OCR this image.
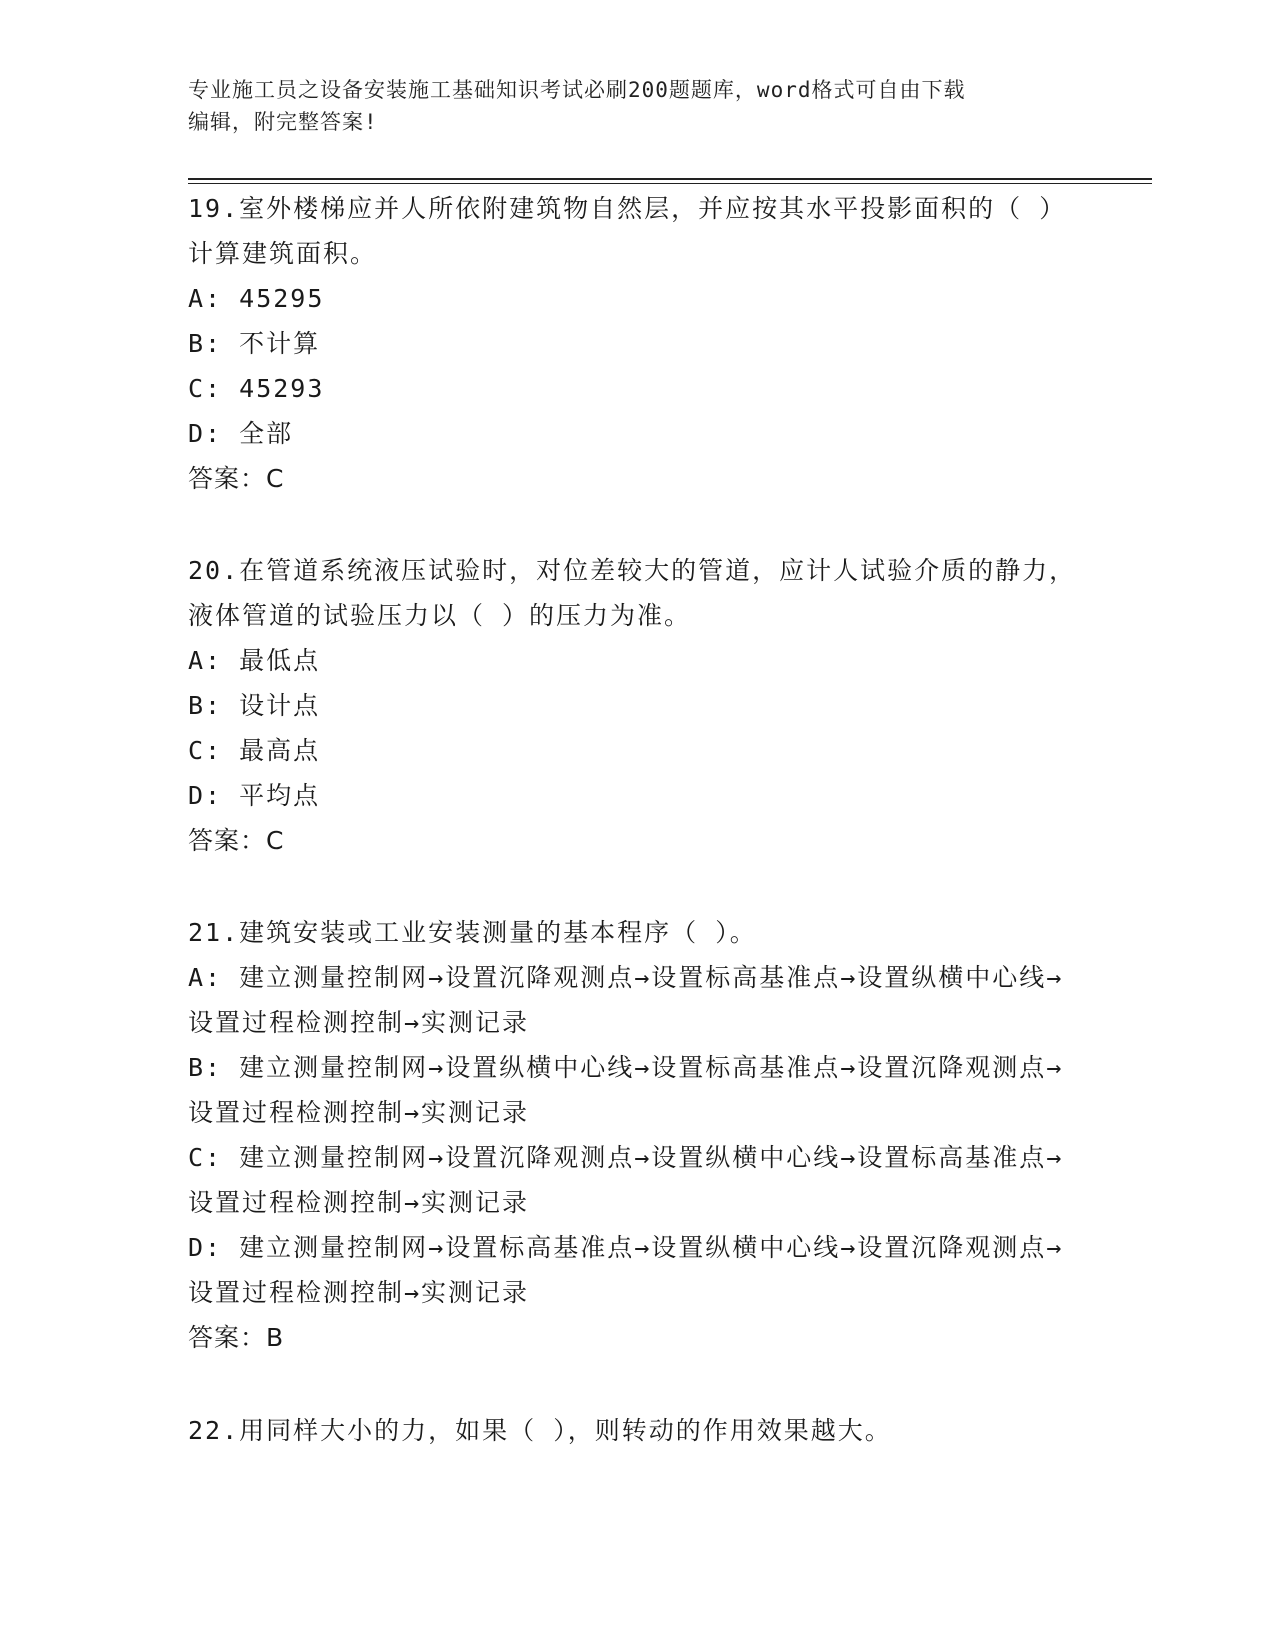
专业施工员之设备安装施工基础知识考试必刷200题题库，word格式可自由下载
编辑，附完整答案!

19.室外楼梯应并人所依附建筑物自然层，并应按其水平投影面积的（ ）计算建筑面积。

A: 45295

B: 不计算

C: 45293

D: 全部

答案：C

20.在管道系统液压试验时，对位差较大的管道，应计人试验介质的静力，液体管道的试验压力以（ ）的压力为准。

A: 最低点

B: 设计点

C: 最高点

D: 平均点

答案：C

21.建筑安装或工业安装测量的基本程序（ ）。

A: 建立测量控制网→设置沉降观测点→设置标高基准点→设置纵横中心线→设置过程检测控制→实测记录

B: 建立测量控制网→设置纵横中心线→设置标高基准点→设置沉降观测点→设置过程检测控制→实测记录

C: 建立测量控制网→设置沉降观测点→设置纵横中心线→设置标高基准点→设置过程检测控制→实测记录

D: 建立测量控制网→设置标高基准点→设置纵横中心线→设置沉降观测点→设置过程检测控制→实测记录

答案：B

22.用同样大小的力，如果（ ），则转动的作用效果越大。
